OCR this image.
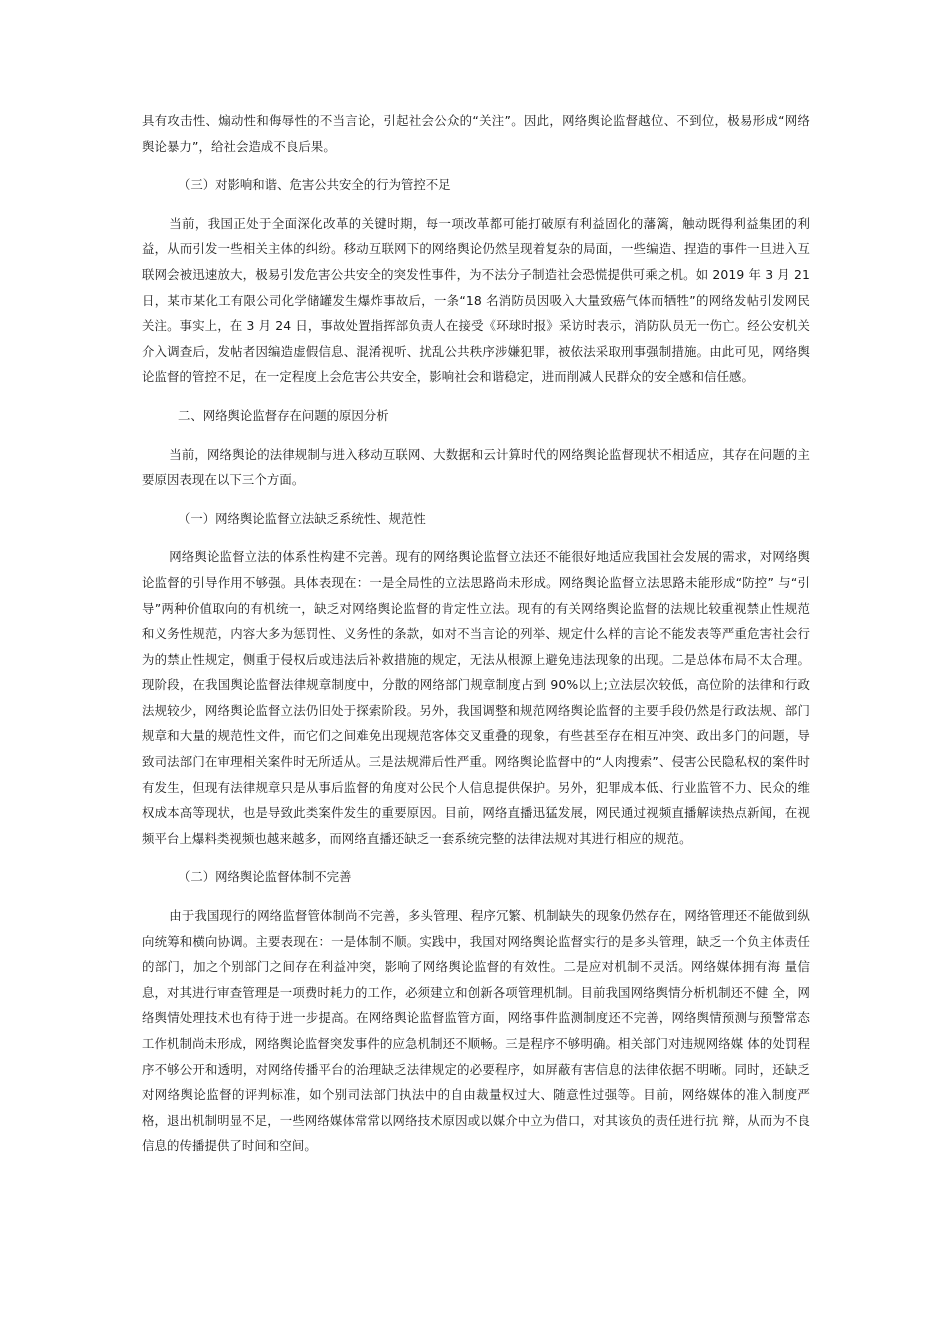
具有攻击性、煽动性和侮辱性的不当言论，引起社会公众的“关注”。因此，网络舆论监督越位、不到位，极易形成“网络舆论暴力”，给社会造成不良后果。

（三）对影响和谐、危害公共安全的行为管控不足

当前，我国正处于全面深化改革的关键时期，每一项改革都可能打破原有利益固化的藩篱，触动既得利益集团的利益，从而引发一些相关主体的纠纷。移动互联网下的网络舆论仍然呈现着复杂的局面，一些编造、捏造的事件一旦进入互联网会被迅速放大，极易引发危害公共安全的突发性事件，为不法分子制造社会恐慌提供可乘之机。如 2019 年 3 月 21 日，某市某化工有限公司化学储罐发生爆炸事故后，一条“18 名消防员因吸入大量致癌气体而牺牲”的网络发帖引发网民关注。事实上，在 3 月 24 日，事故处置指挥部负责人在接受《环球时报》采访时表示，消防队员无一伤亡。经公安机关介入调查后，发帖者因编造虚假信息、混淆视听、扰乱公共秩序涉嫌犯罪，被依法采取刑事强制措施。由此可见，网络舆论监督的管控不足，在一定程度上会危害公共安全，影响社会和谐稳定，进而削减人民群众的安全感和信任感。

二、网络舆论监督存在问题的原因分析

当前，网络舆论的法律规制与进入移动互联网、大数据和云计算时代的网络舆论监督现状不相适应，其存在问题的主要原因表现在以下三个方面。

（一）网络舆论监督立法缺乏系统性、规范性

网络舆论监督立法的体系性构建不完善。现有的网络舆论监督立法还不能很好地适应我国社会发展的需求，对网络舆论监督的引导作用不够强。具体表现在：一是全局性的立法思路尚未形成。网络舆论监督立法思路未能形成“防控” 与“引导”两种价值取向的有机统一，缺乏对网络舆论监督的肯定性立法。现有的有关网络舆论监督的法规比较重视禁止性规范和义务性规范，内容大多为惩罚性、义务性的条款，如对不当言论的列举、规定什么样的言论不能发表等严重危害社会行为的禁止性规定，侧重于侵权后或违法后补救措施的规定，无法从根源上避免违法现象的出现。二是总体布局不太合理。现阶段，在我国舆论监督法律规章制度中，分散的网络部门规章制度占到 90%以上;立法层次较低，高位阶的法律和行政法规较少，网络舆论监督立法仍旧处于探索阶段。另外，我国调整和规范网络舆论监督的主要手段仍然是行政法规、部门规章和大量的规范性文件，而它们之间难免出现规范客体交叉重叠的现象，有些甚至存在相互冲突、政出多门的问题，导致司法部门在审理相关案件时无所适从。三是法规滞后性严重。网络舆论监督中的“人肉搜索”、侵害公民隐私权的案件时有发生，但现有法律规章只是从事后监督的角度对公民个人信息提供保护。另外，犯罪成本低、行业监管不力、民众的维权成本高等现状，也是导致此类案件发生的重要原因。目前，网络直播迅猛发展，网民通过视频直播解读热点新闻，在视频平台上爆料类视频也越来越多，而网络直播还缺乏一套系统完整的法律法规对其进行相应的规范。

（二）网络舆论监督体制不完善

由于我国现行的网络监督管体制尚不完善，多头管理、程序冗繁、机制缺失的现象仍然存在，网络管理还不能做到纵向统筹和横向协调。主要表现在：一是体制不顺。实践中，我国对网络舆论监督实行的是多头管理，缺乏一个负主体责任的部门，加之个别部门之间存在利益冲突，影响了网络舆论监督的有效性。二是应对机制不灵活。网络媒体拥有海 量信息，对其进行审查管理是一项费时耗力的工作，必须建立和创新各项管理机制。目前我国网络舆情分析机制还不健 全，网络舆情处理技术也有待于进一步提高。在网络舆论监督监管方面，网络事件监测制度还不完善，网络舆情预测与预警常态工作机制尚未形成，网络舆论监督突发事件的应急机制还不顺畅。三是程序不够明确。相关部门对违规网络媒 体的处罚程序不够公开和透明，对网络传播平台的治理缺乏法律规定的必要程序，如屏蔽有害信息的法律依据不明晰。同时，还缺乏对网络舆论监督的评判标准，如个别司法部门执法中的自由裁量权过大、随意性过强等。目前，网络媒体的准入制度严格，退出机制明显不足，一些网络媒体常常以网络技术原因或以媒介中立为借口，对其该负的责任进行抗 辩，从而为不良信息的传播提供了时间和空间。
